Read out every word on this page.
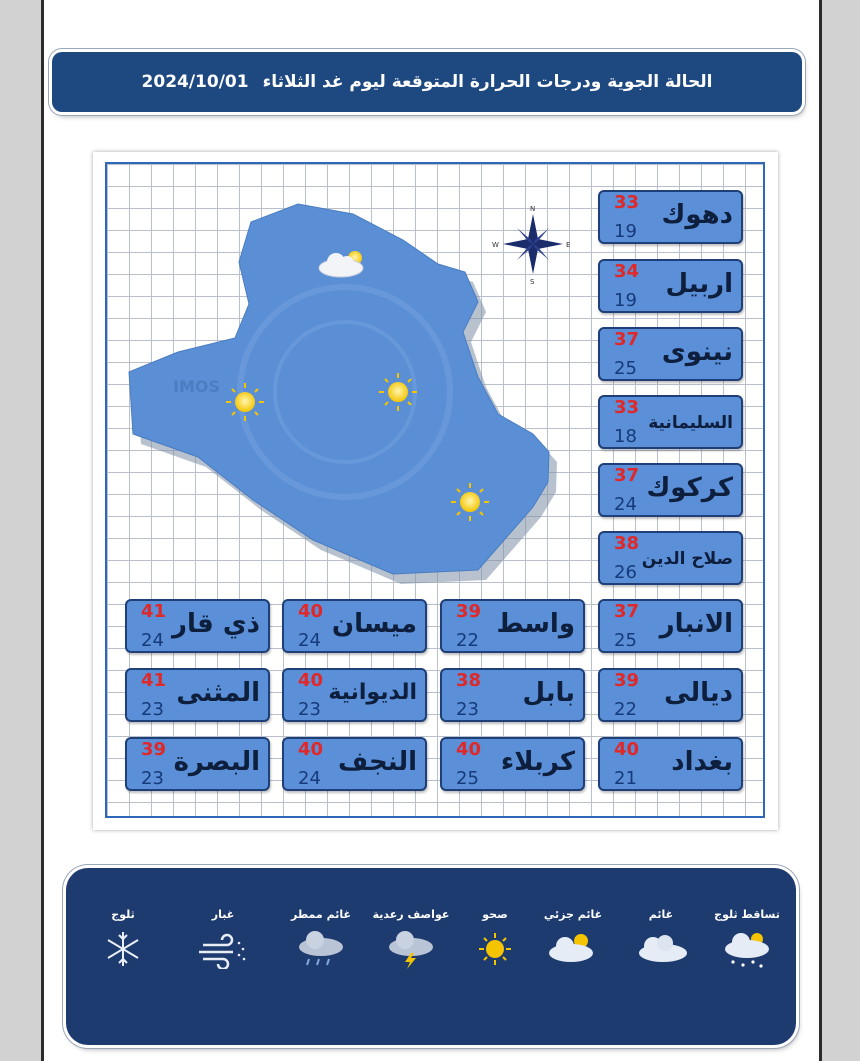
الحالة الجوية ودرجات الحرارة المتوقعة ليوم غد الثلاثاء
2024/10/01
IMOS
N
S
E
W
دهوك
33
19
اربيل
34
19
نينوى
37
25
السليمانية
33
18
كركوك
37
24
صلاح الدين
38
26
الانبار
37
25
واسط
39
22
ميسان
40
24
ذي قار
41
24
ديالى
39
22
بابل
38
23
الديوانية
40
23
المثنى
41
23
بغداد
40
21
كربلاء
40
25
النجف
40
24
البصرة
39
23
تساقط ثلوج
غائم
غائم جزئي
صحو
عواصف رعدية
غائم ممطر
غبار
ثلوج
